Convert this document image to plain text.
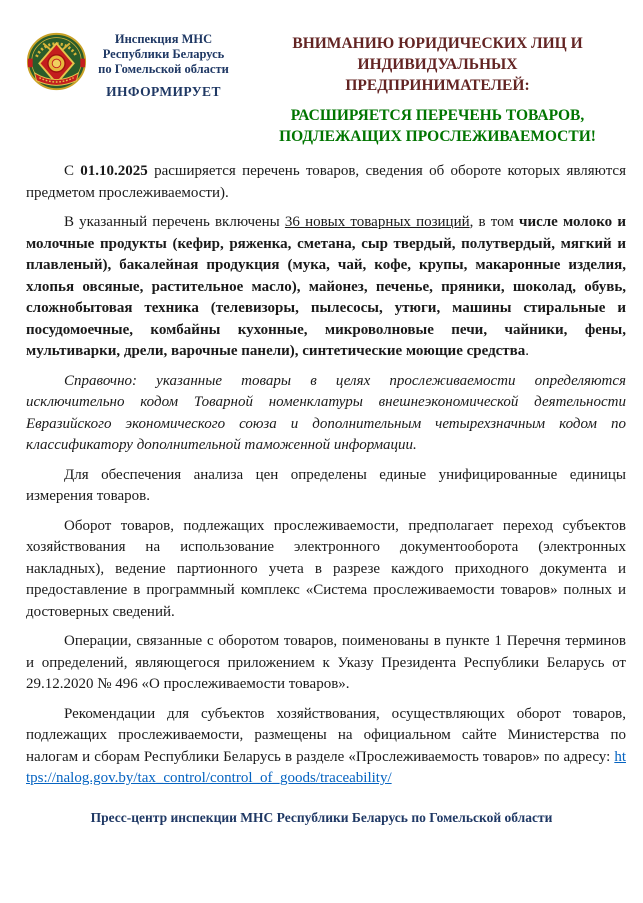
Инспекция МНС
Республики Беларусь
по Гомельской области
ИНФОРМИРУЕТ
ВНИМАНИЮ ЮРИДИЧЕСКИХ ЛИЦ И
ИНДИВИДУАЛЬНЫХ
ПРЕДПРИНИМАТЕЛЕЙ:
РАСШИРЯЕТСЯ ПЕРЕЧЕНЬ ТОВАРОВ,
ПОДЛЕЖАЩИХ ПРОСЛЕЖИВАЕМОСТИ!

С 01.10.2025 расширяется перечень товаров, сведения об обороте которых являются предметом прослеживаемости).

В указанный перечень включены 36 новых товарных позиций, в том числе молоко и молочные продукты (кефир, ряженка, сметана, сыр твердый, полутвердый, мягкий и плавленый), бакалейная продукция (мука, чай, кофе, крупы, макаронные изделия, хлопья овсяные, растительное масло), майонез, печенье, пряники, шоколад, обувь, сложнобытовая техника (телевизоры, пылесосы, утюги, машины стиральные и посудомоечные, комбайны кухонные, микроволновые печи, чайники, фены, мультиварки, дрели, варочные панели), синтетические моющие средства.

Справочно: указанные товары в целях прослеживаемости определяются исключительно кодом Товарной номенклатуры внешнеэкономической деятельности Евразийского экономического союза и дополнительным четырехзначным кодом по классификатору дополнительной таможенной информации.

Для обеспечения анализа цен определены единые унифицированные единицы измерения товаров.

Оборот товаров, подлежащих прослеживаемости, предполагает переход субъектов хозяйствования на использование электронного документооборота (электронных накладных), ведение партионного учета в разрезе каждого приходного документа и предоставление в программный комплекс «Система прослеживаемости товаров» полных и достоверных сведений.

Операции, связанные с оборотом товаров, поименованы в пункте 1 Перечня терминов и определений, являющегося приложением к Указу Президента Республики Беларусь от 29.12.2020 № 496 «О прослеживаемости товаров».

Рекомендации для субъектов хозяйствования, осуществляющих оборот товаров, подлежащих прослеживаемости, размещены на официальном сайте Министерства по налогам и сборам Республики Беларусь в разделе «Прослеживаемость товаров» по адресу: https://nalog.gov.by/tax_control/control_of_goods/traceability/

Пресс-центр инспекции МНС Республики Беларусь по Гомельской области
